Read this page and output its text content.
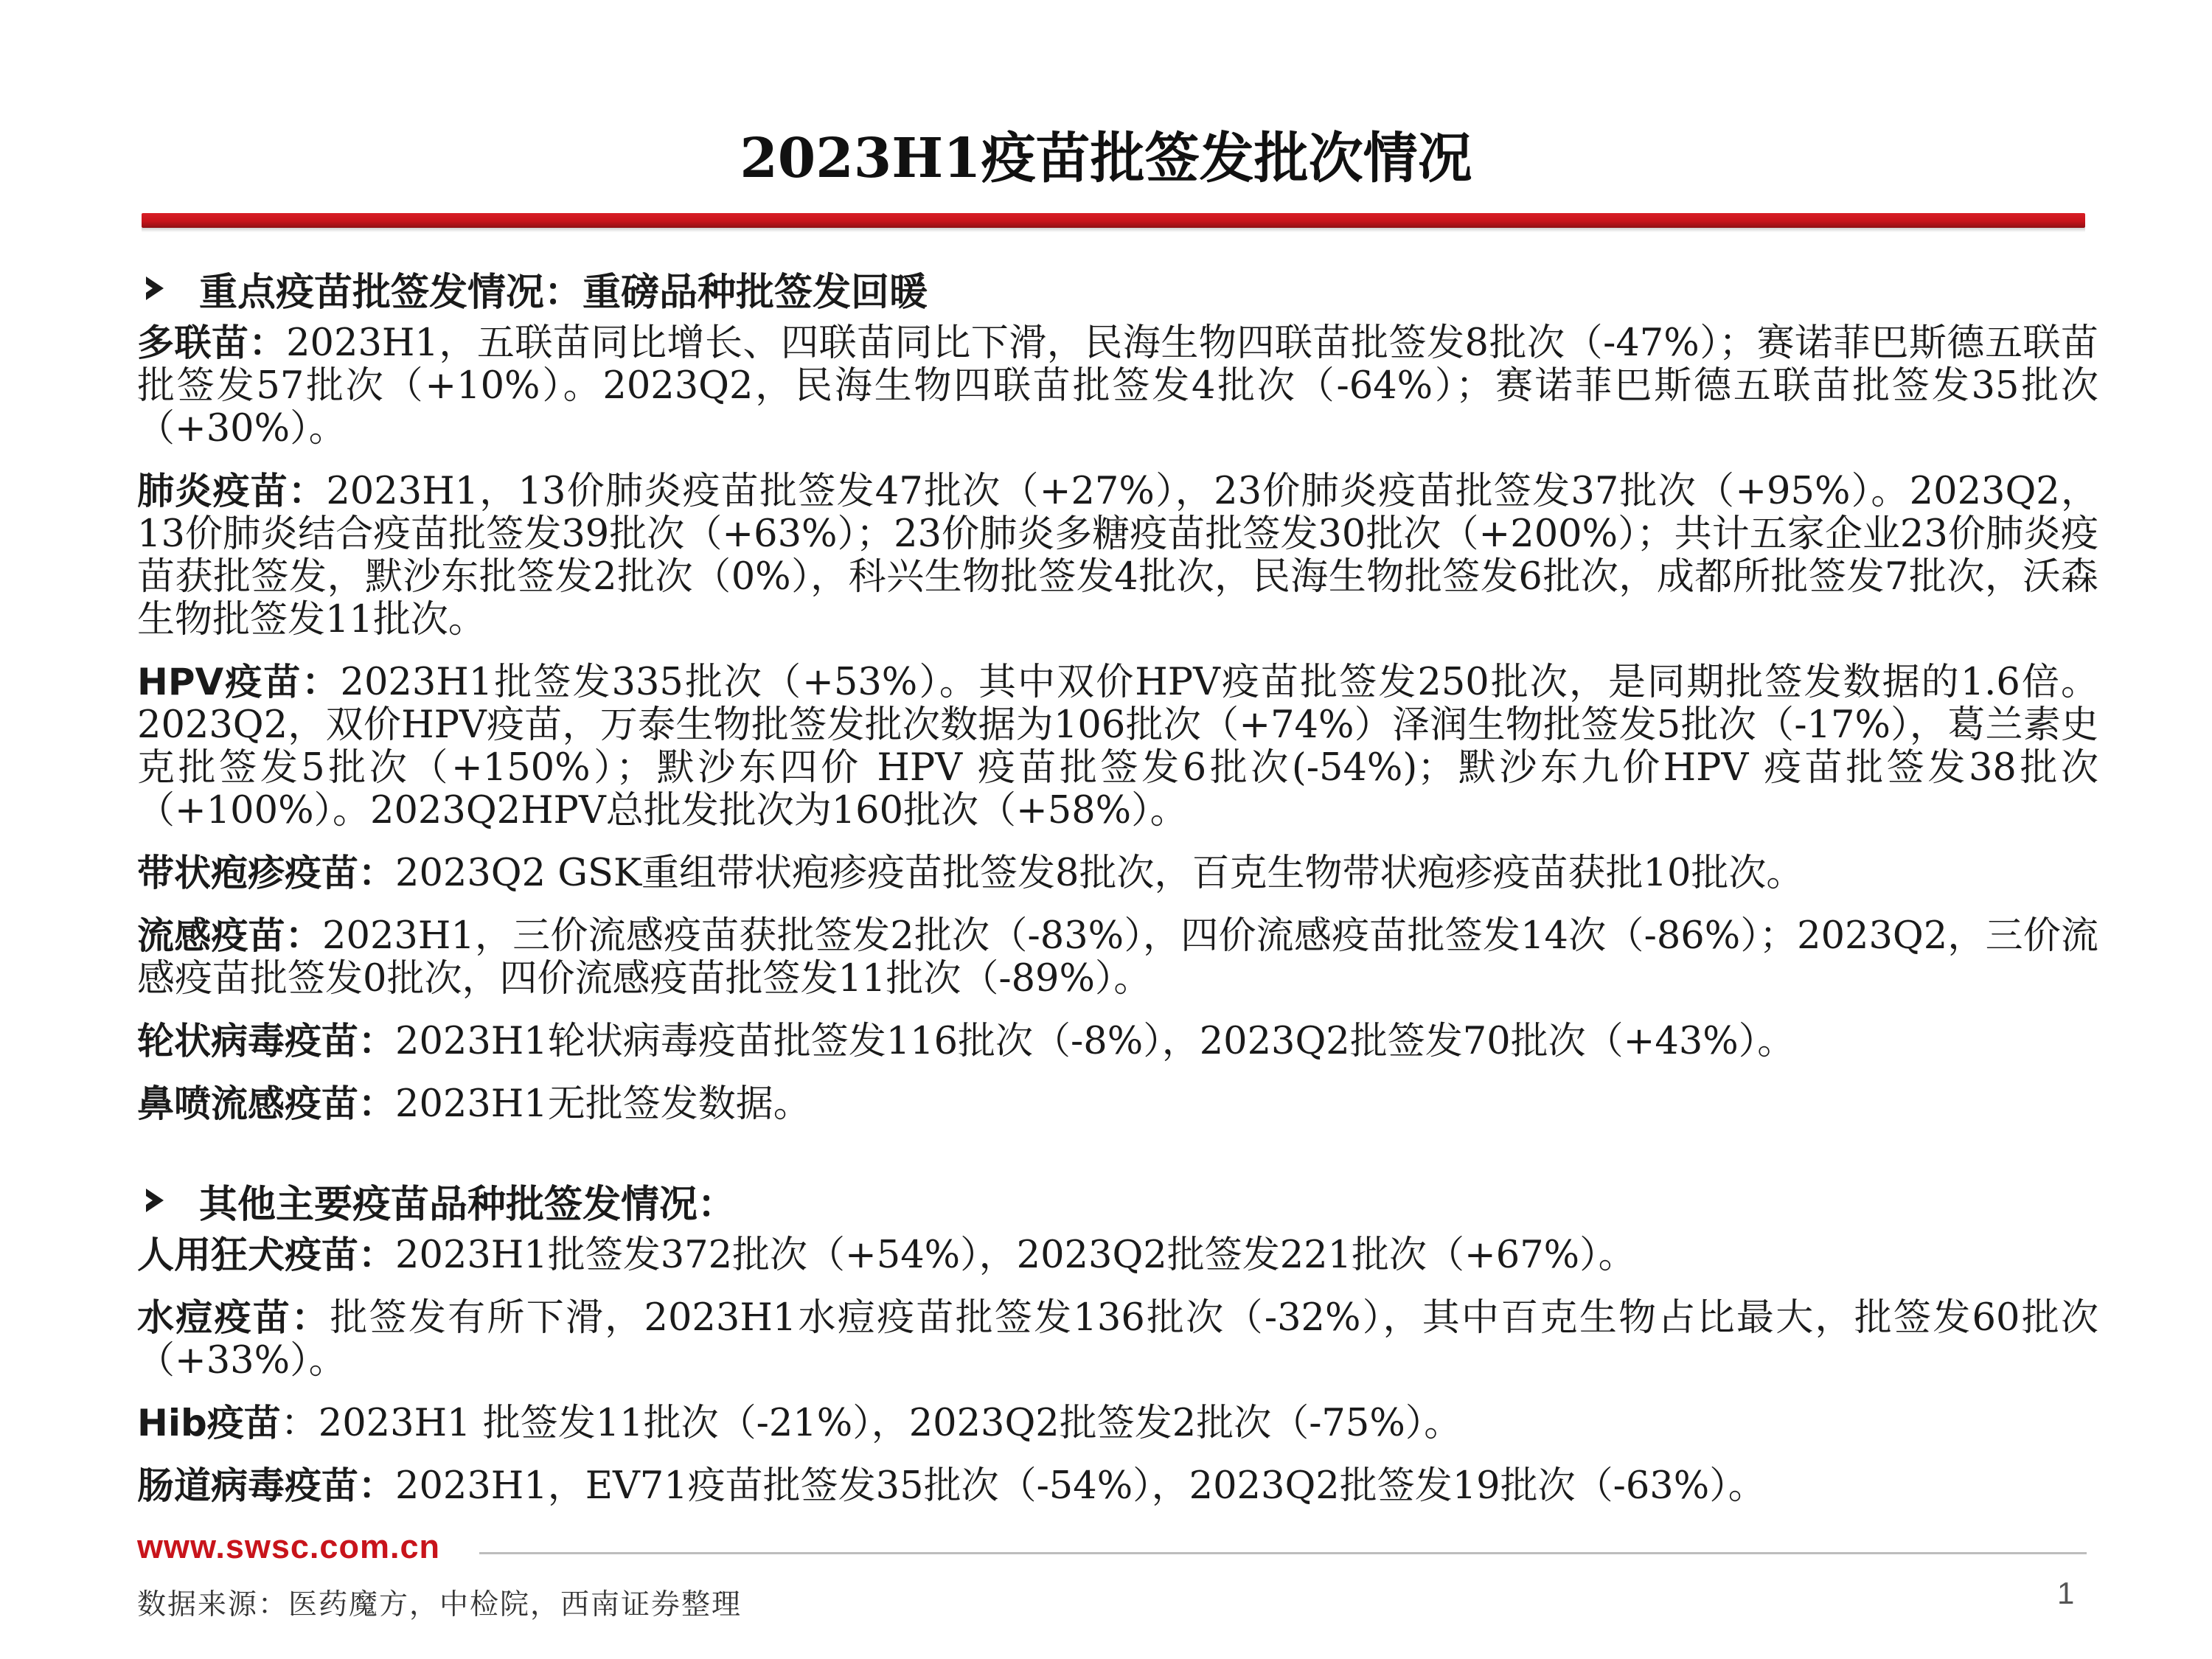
2023H1疫苗批签发批次情况
重点疫苗批签发情况：重磅品种批签发回暖
多联苗：2023H1，五联苗同比增长、四联苗同比下滑，民海生物四联苗批签发8批次（-47%）；赛诺菲巴斯德五联苗批签发57批次（+10%）。2023Q2，民海生物四联苗批签发4批次（-64%）；赛诺菲巴斯德五联苗批签发35批次（+30%）。
肺炎疫苗：2023H1，13价肺炎疫苗批签发47批次（+27%），23价肺炎疫苗批签发37批次（+95%）。2023Q2，13价肺炎结合疫苗批签发39批次（+63%）；23价肺炎多糖疫苗批签发30批次（+200%）；共计五家企业23价肺炎疫苗获批签发，默沙东批签发2批次（0%），科兴生物批签发4批次，民海生物批签发6批次，成都所批签发7批次，沃森生物批签发11批次。
HPV疫苗：2023H1批签发335批次（+53%）。其中双价HPV疫苗批签发250批次，是同期批签发数据的1.6倍。2023Q2，双价HPV疫苗，万泰生物批签发批次数据为106批次（+74%）泽润生物批签发5批次（-17%），葛兰素史克批签发5批次（+150%）；默沙东四价 HPV 疫苗批签发6批次(-54%)；默沙东九价HPV 疫苗批签发38批次（+100%）。2023Q2HPV总批发批次为160批次（+58%）。
带状疱疹疫苗：2023Q2 GSK重组带状疱疹疫苗批签发8批次，百克生物带状疱疹疫苗获批10批次。
流感疫苗：2023H1，三价流感疫苗获批签发2批次（-83%），四价流感疫苗批签发14次（-86%）；2023Q2，三价流感疫苗批签发0批次，四价流感疫苗批签发11批次（-89%）。
轮状病毒疫苗：2023H1轮状病毒疫苗批签发116批次（-8%），2023Q2批签发70批次（+43%）。
鼻喷流感疫苗：2023H1无批签发数据。
其他主要疫苗品种批签发情况：
人用狂犬疫苗：2023H1批签发372批次（+54%），2023Q2批签发221批次（+67%）。
水痘疫苗：批签发有所下滑，2023H1水痘疫苗批签发136批次（-32%），其中百克生物占比最大，批签发60批次（+33%）。
Hib疫苗：2023H1 批签发11批次（-21%），2023Q2批签发2批次（-75%）。
肠道病毒疫苗：2023H1，EV71疫苗批签发35批次（-54%），2023Q2批签发19批次（-63%）。
www.swsc.com.cn
数据来源：医药魔方，中检院，西南证券整理	1
